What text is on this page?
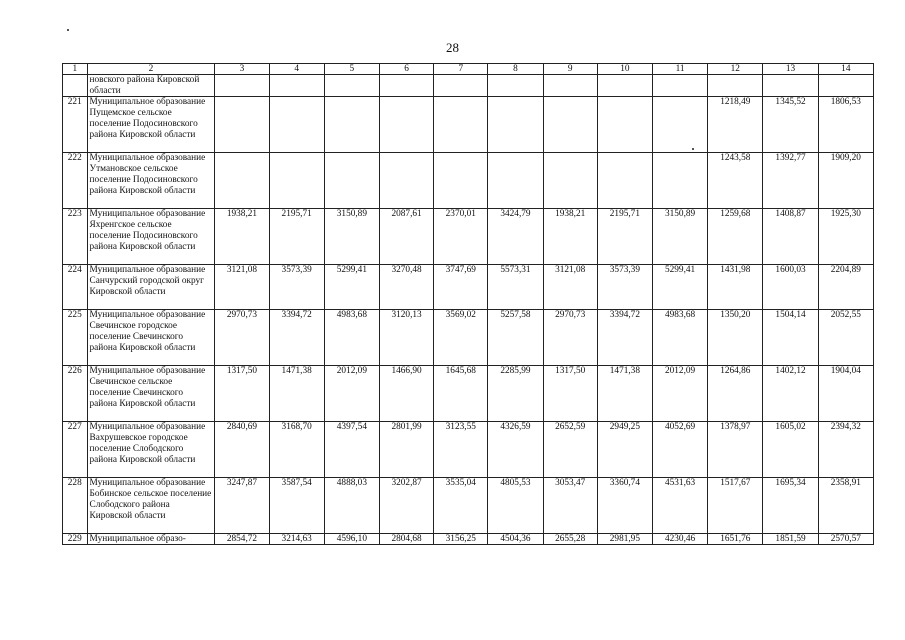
28
1	2	3	4	5	6	7	8	9	10	11	12	13	14
	новского района Кировской области												
221	Муниципальное образование Пущемское сельское поселение Подосиновского района Кировской области										1218,49	1345,52	1806,53
222	Муниципальное образование Утмановское сельское поселение Подосиновского района Кировской области										1243,58	1392,77	1909,20
223	Муниципальное образование Яхренгское сельское поселение Подосиновского района Кировской области	1938,21	2195,71	3150,89	2087,61	2370,01	3424,79	1938,21	2195,71	3150,89	1259,68	1408,87	1925,30
224	Муниципальное образование Санчурский городской округ Кировской области	3121,08	3573,39	5299,41	3270,48	3747,69	5573,31	3121,08	3573,39	5299,41	1431,98	1600,03	2204,89
225	Муниципальное образование Свечинское городское поселение Свечинского района Кировской области	2970,73	3394,72	4983,68	3120,13	3569,02	5257,58	2970,73	3394,72	4983,68	1350,20	1504,14	2052,55
226	Муниципальное образование Свечинское сельское поселение Свечинского района Кировской области	1317,50	1471,38	2012,09	1466,90	1645,68	2285,99	1317,50	1471,38	2012,09	1264,86	1402,12	1904,04
227	Муниципальное образование Вахрушевское городское поселение Слободского района Кировской области	2840,69	3168,70	4397,54	2801,99	3123,55	4326,59	2652,59	2949,25	4052,69	1378,97	1605,02	2394,32
228	Муниципальное образование Бобинское сельское поселение Слободского района Кировской области	3247,87	3587,54	4888,03	3202,87	3535,04	4805,53	3053,47	3360,74	4531,63	1517,67	1695,34	2358,91
229	Муниципальное образо-	2854,72	3214,63	4596,10	2804,68	3156,25	4504,36	2655,28	2981,95	4230,46	1651,76	1851,59	2570,57
